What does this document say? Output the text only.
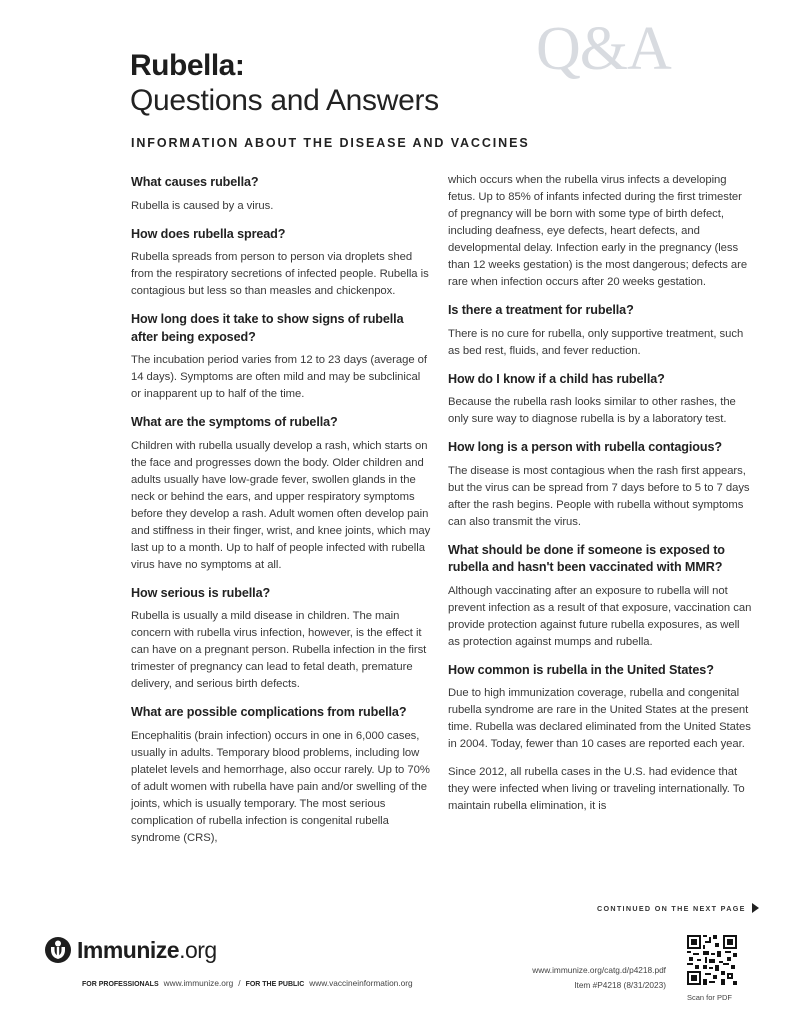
Q&A
Rubella:
Questions and Answers
INFORMATION ABOUT THE DISEASE AND VACCINES
What causes rubella?

Rubella is caused by a virus.

How does rubella spread?

Rubella spreads from person to person via droplets shed from the respiratory secretions of infected people. Rubella is contagious but less so than measles and chickenpox.

How long does it take to show signs of rubella after being exposed?

The incubation period varies from 12 to 23 days (average of 14 days). Symptoms are often mild and may be subclinical or inapparent up to half of the time.

What are the symptoms of rubella?

Children with rubella usually develop a rash, which starts on the face and progresses down the body. Older children and adults usually have low-grade fever, swollen glands in the neck or behind the ears, and upper respiratory symptoms before they develop a rash. Adult women often develop pain and stiffness in their finger, wrist, and knee joints, which may last up to a month. Up to half of people infected with rubella virus have no symptoms at all.

How serious is rubella?

Rubella is usually a mild disease in children. The main concern with rubella virus infection, however, is the effect it can have on a pregnant person. Rubella infection in the first trimester of pregnancy can lead to fetal death, premature delivery, and serious birth defects.

What are possible complications from rubella?

Encephalitis (brain infection) occurs in one in 6,000 cases, usually in adults. Temporary blood problems, including low platelet levels and hemorrhage, also occur rarely. Up to 70% of adult women with rubella have pain and/or swelling of the joints, which is usually temporary. The most serious complication of rubella infection is congenital rubella syndrome (CRS),

which occurs when the rubella virus infects a developing fetus. Up to 85% of infants infected during the first trimester of pregnancy will be born with some type of birth defect, including deafness, eye defects, heart defects, and developmental delay. Infection early in the pregnancy (less than 12 weeks gestation) is the most dangerous; defects are rare when infection occurs after 20 weeks gestation.

Is there a treatment for rubella?

There is no cure for rubella, only supportive treatment, such as bed rest, fluids, and fever reduction.

How do I know if a child has rubella?

Because the rubella rash looks similar to other rashes, the only sure way to diagnose rubella is by a laboratory test.

How long is a person with rubella contagious?

The disease is most contagious when the rash first appears, but the virus can be spread from 7 days before to 5 to 7 days after the rash begins. People with rubella without symptoms can also transmit the virus.

What should be done if someone is exposed to rubella and hasn't been vaccinated with MMR?

Although vaccinating after an exposure to rubella will not prevent infection as a result of that exposure, vaccination can provide protection against future rubella exposures, as well as protection against mumps and rubella.

How common is rubella in the United States?

Due to high immunization coverage, rubella and congenital rubella syndrome are rare in the United States at the present time. Rubella was declared eliminated from the United States in 2004. Today, fewer than 10 cases are reported each year.

Since 2012, all rubella cases in the U.S. had evidence that they were infected when living or traveling internationally. To maintain rubella elimination, it is

CONTINUED ON THE NEXT PAGE
Immunize.org
FOR PROFESSIONALS www.immunize.org / FOR THE PUBLIC www.vaccineinformation.org
www.immunize.org/catg.d/p4218.pdf
Item #P4218 (8/31/2023)
Scan for PDF
